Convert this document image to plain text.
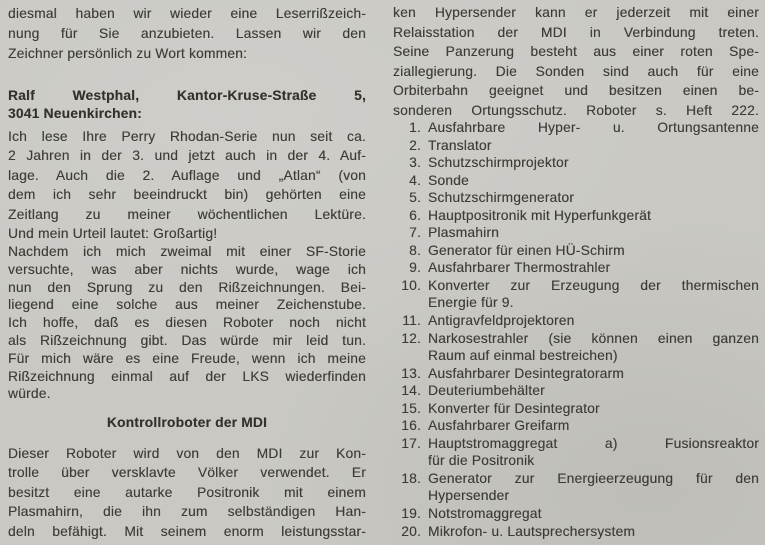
diesmal haben wir wieder eine Leserrißzeich-
nung für Sie anzubieten. Lassen wir den
Zeichner persönlich zu Wort kommen:
Ralf Westphal, Kantor-Kruse-Straße 5,
3041 Neuenkirchen:
Ich lese Ihre Perry Rhodan-Serie nun seit ca.
2 Jahren in der 3. und jetzt auch in der 4. Auf-
lage. Auch die 2. Auflage und „Atlan“ (von
dem ich sehr beeindruckt bin) gehörten eine
Zeitlang zu meiner wöchentlichen Lektüre.
Und mein Urteil lautet: Großartig!
Nachdem ich mich zweimal mit einer SF-Storie
versuchte, was aber nichts wurde, wage ich
nun den Sprung zu den Rißzeichnungen. Bei-
liegend eine solche aus meiner Zeichenstube.
Ich hoffe, daß es diesen Roboter noch nicht
als Rißzeichnung gibt. Das würde mir leid tun.
Für mich wäre es eine Freude, wenn ich meine
Rißzeichnung einmal auf der LKS wiederfinden
würde.
Kontrollroboter der MDI
Dieser Roboter wird von den MDI zur Kon-
trolle über versklavte Völker verwendet. Er
besitzt eine autarke Positronik mit einem
Plasmahirn, die ihn zum selbständigen Han-
deln befähigt. Mit seinem enorm leistungsstar-
ken Hypersender kann er jederzeit mit einer
Relaisstation der MDI in Verbindung treten.
Seine Panzerung besteht aus einer roten Spe-
ziallegierung. Die Sonden sind auch für eine
Orbiterbahn geeignet und besitzen einen be-
sonderen Ortungsschutz. Roboter s. Heft 222.
1. Ausfahrbare Hyper- u. Ortungsantenne
2. Translator
3. Schutzschirmprojektor
4. Sonde
5. Schutzschirmgenerator
6. Hauptpositronik mit Hyperfunkgerät
7. Plasmahirn
8. Generator für einen HÜ-Schirm
9. Ausfahrbarer Thermostrahler
10. Konverter zur Erzeugung der thermischen
Energie für 9.
11. Antigravfeldprojektoren
12. Narkosestrahler (sie können einen ganzen
Raum auf einmal bestreichen)
13. Ausfahrbarer Desintegratorarm
14. Deuteriumbehälter
15. Konverter für Desintegrator
16. Ausfahrbarer Greifarm
17. Hauptstromaggregat a) Fusionsreaktor
für die Positronik
18. Generator zur Energieerzeugung für den
Hypersender
19. Notstromaggregat
20. Mikrofon- u. Lautsprechersystem
